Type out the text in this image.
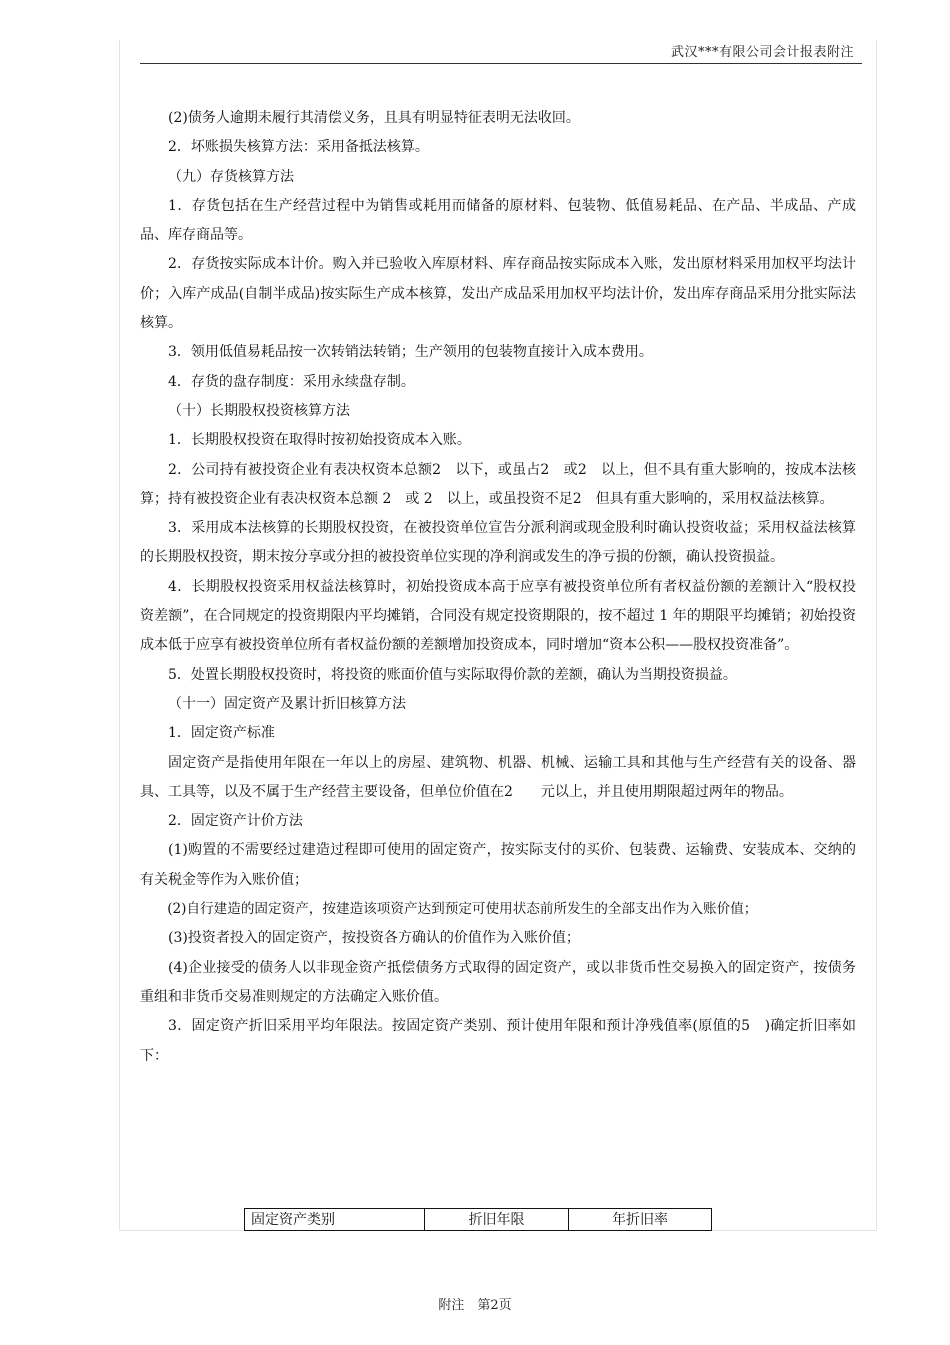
武汉***有限公司会计报表附注

(2)债务人逾期未履行其清偿义务，且具有明显特征表明无法收回。

2．坏账损失核算方法：采用备抵法核算。

（九）存货核算方法

1．存货包括在生产经营过程中为销售或耗用而储备的原材料、包装物、低值易耗品、在产品、半成品、产成品、库存商品等。

2．存货按实际成本计价。购入并已验收入库原材料、库存商品按实际成本入账，发出原材料采用加权平均法计价；入库产成品(自制半成品)按实际生产成本核算，发出产成品采用加权平均法计价，发出库存商品采用分批实际法核算。

3．领用低值易耗品按一次转销法转销；生产领用的包装物直接计入成本费用。

4．存货的盘存制度：采用永续盘存制。

（十）长期股权投资核算方法

1．长期股权投资在取得时按初始投资成本入账。

2．公司持有被投资企业有表决权资本总额2　以下，或虽占2　或2　以上，但不具有重大影响的，按成本法核算；持有被投资企业有表决权资本总额 2　或 2　以上，或虽投资不足2　但具有重大影响的，采用权益法核算。

3．采用成本法核算的长期股权投资，在被投资单位宣告分派利润或现金股利时确认投资收益；采用权益法核算的长期股权投资，期末按分享或分担的被投资单位实现的净利润或发生的净亏损的份额，确认投资损益。

4．长期股权投资采用权益法核算时，初始投资成本高于应享有被投资单位所有者权益份额的差额计入“股权投资差额”，在合同规定的投资期限内平均摊销，合同没有规定投资期限的，按不超过 1 年的期限平均摊销；初始投资成本低于应享有被投资单位所有者权益份额的差额增加投资成本，同时增加“资本公积——股权投资准备”。

5．处置长期股权投资时，将投资的账面价值与实际取得价款的差额，确认为当期投资损益。

（十一）固定资产及累计折旧核算方法

1．固定资产标准

固定资产是指使用年限在一年以上的房屋、建筑物、机器、机械、运输工具和其他与生产经营有关的设备、器具、工具等，以及不属于生产经营主要设备，但单位价值在2　　元以上，并且使用期限超过两年的物品。

2．固定资产计价方法

(1)购置的不需要经过建造过程即可使用的固定资产，按实际支付的买价、包装费、运输费、安装成本、交纳的有关税金等作为入账价值；

(2)自行建造的固定资产，按建造该项资产达到预定可使用状态前所发生的全部支出作为入账价值；

(3)投资者投入的固定资产，按投资各方确认的价值作为入账价值；

(4)企业接受的债务人以非现金资产抵偿债务方式取得的固定资产，或以非货币性交易换入的固定资产，按债务重组和非货币交易准则规定的方法确定入账价值。

3．固定资产折旧采用平均年限法。按固定资产类别、预计使用年限和预计净残值率(原值的5　)确定折旧率如下：

固定资产类别	折旧年限	年折旧率
附注　第2页
